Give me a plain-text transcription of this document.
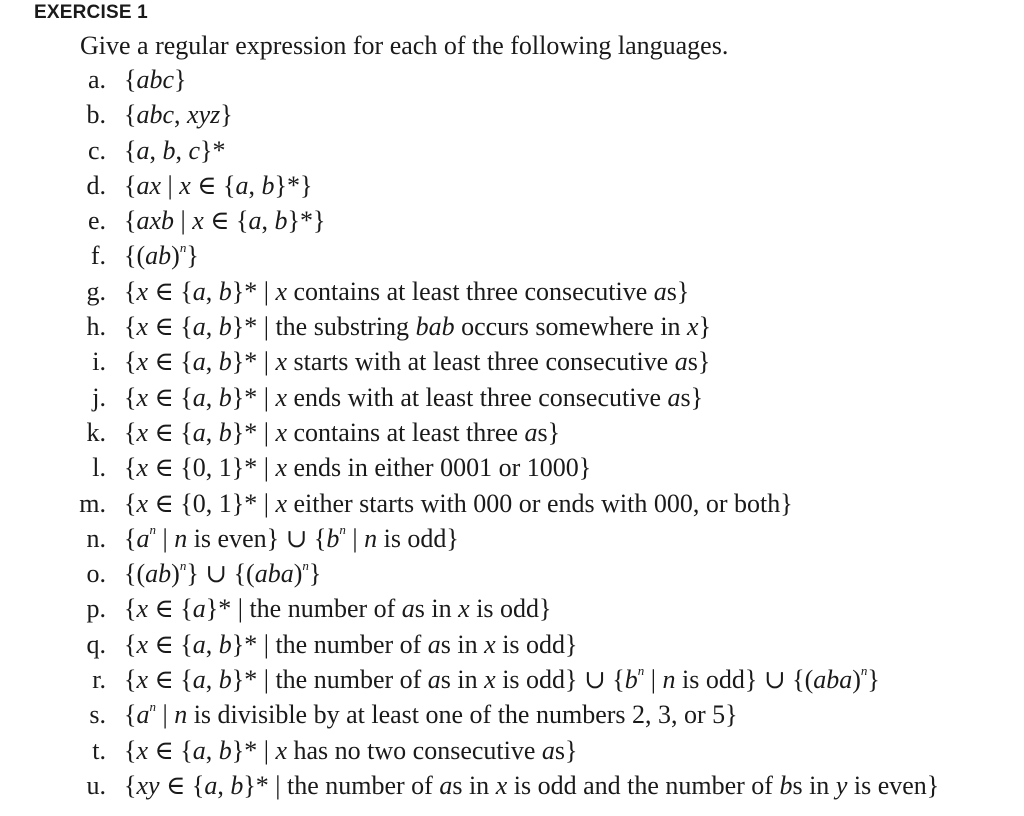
EXERCISE 1
Give a regular expression for each of the following languages.
a. {abc}
b. {abc, xyz}
c. {a, b, c}*
d. {ax | x ∈ {a, b}*}
e. {axb | x ∈ {a, b}*}
f. {(ab)$^n$}
g. {x ∈ {a, b}* | x contains at least three consecutive as}
h. {x ∈ {a, b}* | the substring bab occurs somewhere in x}
i. {x ∈ {a, b}* | x starts with at least three consecutive as}
j. {x ∈ {a, b}* | x ends with at least three consecutive as}
k. {x ∈ {a, b}* | x contains at least three as}
l. {x ∈ {0, 1}* | x ends in either 0001 or 1000}
m. {x ∈ {0, 1}* | x either starts with 000 or ends with 000, or both}
n. {$a^n$ | n is even} ∪ {$b^n$ | n is odd}
o. {(ab)$^n$} ∪ {(aba)$^n$}
p. {x ∈ {a}* | the number of as in x is odd}
q. {x ∈ {a, b}* | the number of as in x is odd}
r. {x ∈ {a, b}* | the number of as in x is odd} ∪ {$b^n$ | n is odd} ∪ {(aba)$^n$}
s. {$a^n$ | n is divisible by at least one of the numbers 2, 3, or 5}
t. {x ∈ {a, b}* | x has no two consecutive as}
u. {xy ∈ {a, b}* | the number of as in x is odd and the number of bs in y is even}
